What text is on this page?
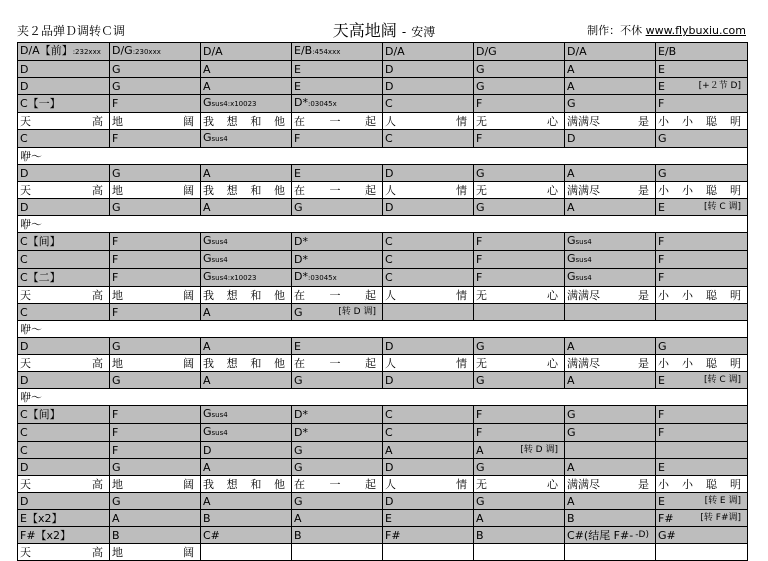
夹２品弹Ｄ调转Ｃ调	天高地阔 - 安溥	制作：不休 www.flybuxiu.com
D/A【前】:232xxx	D/G:230xxx	D/A	E/B:454xxx	D/A	D/G	D/A	E/B

D	G	A	E	D	G	A	E

D	G	A	E	D	G	A	E [+２节 D]

C【一】	F	Gsus4:x10023	D*:03045x	C	F	G	F

天 高	地 阔	我 想 和 他	在 一 起	人 情	无 心	满满尽 是	小 小 聪 明

C	F	Gsus4	F	C	F	D	G

咿～							

D	G	A	E	D	G	A	G

天 高	地 阔	我 想 和 他	在 一 起	人 情	无 心	满满尽 是	小 小 聪 明

D	G	A	G	D	G	A	E [转 C 调]

咿～							

C【间】	F	Gsus4	D*	C	F	Gsus4	F

C	F	Gsus4	D*	C	F	Gsus4	F

C【二】	F	Gsus4:x10023	D*:03045x	C	F	Gsus4	F

天 高	地 阔	我 想 和 他	在 一 起	人 情	无 心	满满尽 是	小 小 聪 明

C	F	A	G [转 D 调]				

咿～							

D	G	A	E	D	G	A	G

天 高	地 阔	我 想 和 他	在 一 起	人 情	无 心	满满尽 是	小 小 聪 明

D	G	A	G	D	G	A	E [转 C 调]

咿～							

C【间】	F	Gsus4	D*	C	F	G	F

C	F	Gsus4	D*	C	F	G	F

C	F	D	G	A	A [转 D 调]		

D	G	A	G	D	G	A	E

天 高	地 阔	我 想 和 他	在 一 起	人 情	无 心	满满尽 是	小 小 聪 明

D	G	A	G	D	G	A	E [转 E 调]

E【x2】	A	B	A	E	A	B	F# [转 F#调]

F#【x2】	B	C#	B	F#	B	C#(结尾 F#- -D)	G#

天 高	地 阔						
